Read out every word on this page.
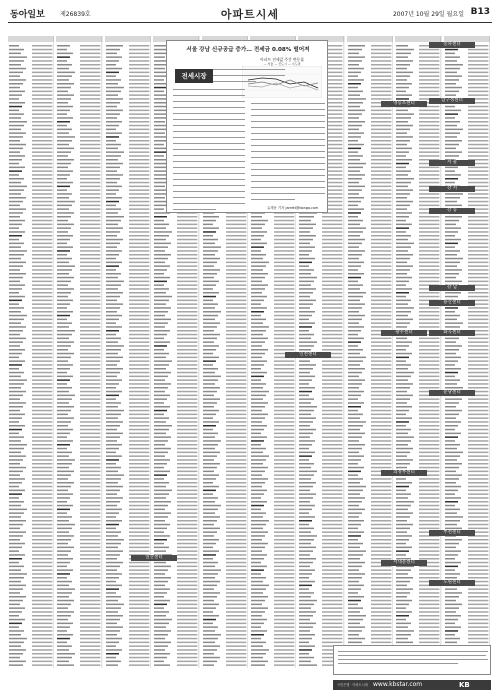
동아일보	제26839호	아파트시세	2007년 10월 29일 월요일 B13
서울 강남 신규공급 증가… 전세금 0.08% 떨어져
전세시장
아파트 전세값 주간 변동률
— 서울 — 신도시 — 수도권
유재동 기자 jarrett@donga.com
송파센터
압구정센터
영등포센터
서 울
강 서
강 동
강 남
용산센터
광주센터	화곡센터
분당센터
의정부센터
부천센터
서대문센터
인천센터
일산센터
노원센터
국민은행 · 아파트시세 www.kbstar.com	KB
